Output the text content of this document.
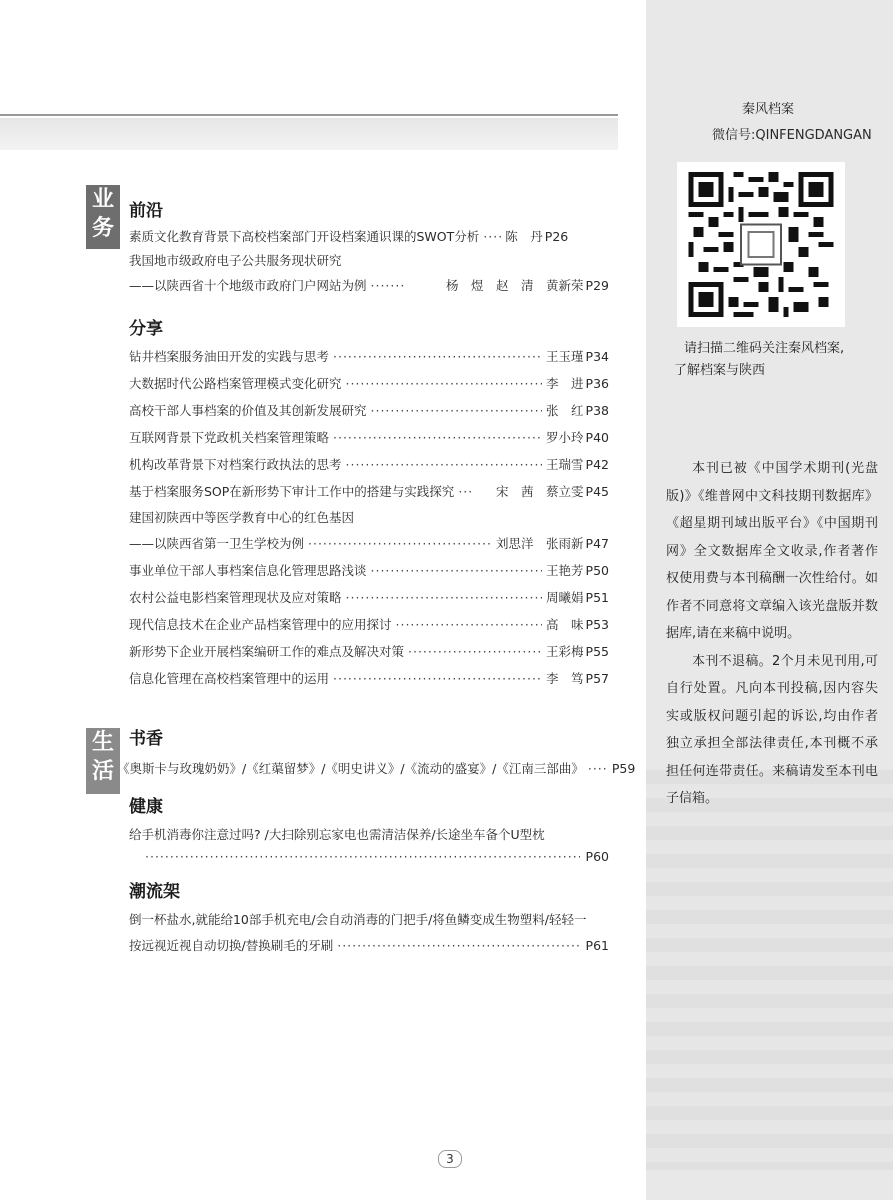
秦风档案
微信号:QINFENGDANGAN
请扫描二维码关注秦风档案,
了解档案与陕西

本刊已被《中国学术期刊(光盘版)》《维普网中文科技期刊数据库》《超星期刊域出版平台》《中国期刊网》全文数据库全文收录,作者著作权使用费与本刊稿酬一次性给付。如作者不同意将文章编入该光盘版并数据库,请在来稿中说明。

本刊不退稿。2个月未见刊用,可自行处置。凡向本刊投稿,因内容失实或版权问题引起的诉讼,均由作者独立承担全部法律责任,本刊概不承担任何连带责任。来稿请发至本刊电子信箱。

业
务
生
活
前沿
素质文化教育背景下高校档案部门开设档案通识课的SWOT分析 ····· 陈　丹 P26
我国地市级政府电子公共服务现状研究
——以陕西省十个地级市政府门户网站为例 ·····	杨　煜　赵　清　黄新荣 P29
分享
钻井档案服务油田开发的实践与思考 ·····	王玉瑾 P34
大数据时代公路档案管理模式变化研究 ·····	李　进 P36
高校干部人事档案的价值及其创新发展研究 ·····	张　红 P38
互联网背景下党政机关档案管理策略 ·····	罗小玲 P40
机构改革背景下对档案行政执法的思考 ·····	王瑞雪 P42
基于档案服务SOP在新形势下审计工作中的搭建与实践探究 ·····	宋　茜　蔡立雯 P45
建国初陕西中等医学教育中心的红色基因
——以陕西省第一卫生学校为例 ·····	刘思洋　张雨新 P47
事业单位干部人事档案信息化管理思路浅谈 ·····	王艳芳 P50
农村公益电影档案管理现状及应对策略 ·····	周曦娟 P51
现代信息技术在企业产品档案管理中的应用探讨 ·····	高　味 P53
新形势下企业开展档案编研工作的难点及解决对策 ·····	王彩梅 P55
信息化管理在高校档案管理中的运用 ·····	李　笃 P57
书香
《奥斯卡与玫瑰奶奶》/《红蕖留梦》/《明史讲义》/《流动的盛宴》/《江南三部曲》 ····· P59
健康
给手机消毒你注意过吗? /大扫除别忘家电也需清洁保养/长途坐车备个U型枕
·····
P60
潮流架
倒一杯盐水,就能给10部手机充电/会自动消毒的门把手/将鱼鳞变成生物塑料/轻轻一
按远视近视自动切换/替换刷毛的牙刷 ·····	P61
3
